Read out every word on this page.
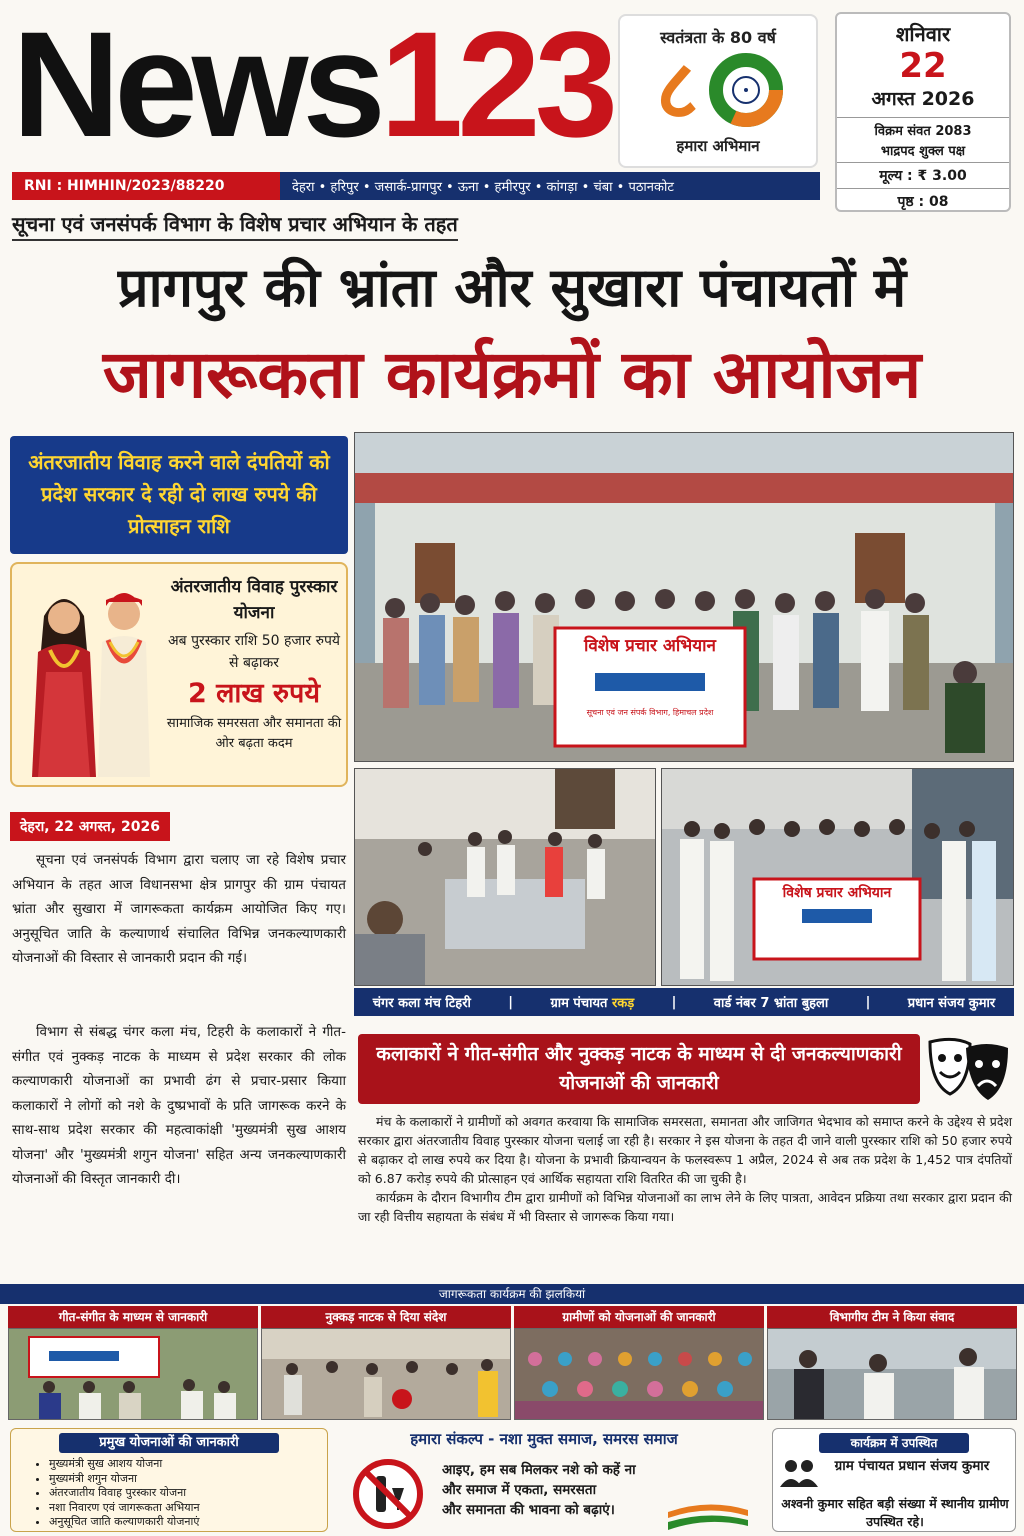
News123	स्वतंत्रता के 80 वर्ष
८
हमारा अभिमान
शनिवार
22
अगस्त 2026
विक्रम संवत 2083
भाद्रपद शुक्ल पक्ष
मूल्य : ₹ 3.00
पृष्ठ : 08
RNI : HIMHIN/2023/88220	देहरा • हरिपुर • जसार्क-प्रागपुर • ऊना • हमीरपुर • कांगड़ा • चंबा • पठानकोट
सूचना एवं जनसंपर्क विभाग के विशेष प्रचार अभियान के तहत
प्रागपुर की भ्रांता और सुखारा पंचायतों में
जागरूकता कार्यक्रमों का आयोजन
अंतरजातीय विवाह करने वाले दंपतियों को प्रदेश सरकार दे रही दो लाख रुपये की प्रोत्साहन राशि
अंतरजातीय विवाह पुरस्कार योजना
अब पुरस्कार राशि 50 हजार रुपये से बढ़ाकर
2 लाख रुपये
सामाजिक समरसता और समानता की ओर बढ़ता कदम
देहरा, 22 अगस्त, 2026

सूचना एवं जनसंपर्क विभाग द्वारा चलाए जा रहे विशेष प्रचार अभियान के तहत आज विधानसभा क्षेत्र प्रागपुर की ग्राम पंचायत भ्रांता और सुखारा में जागरूकता कार्यक्रम आयोजित किए गए। अनुसूचित जाति के कल्याणार्थ संचालित विभिन्न जनकल्याणकारी योजनाओं की विस्तार से जानकारी प्रदान की गई।

विभाग से संबद्ध चंगर कला मंच, टिहरी के कलाकारों ने गीत-संगीत एवं नुक्कड़ नाटक के माध्यम से प्रदेश सरकार की लोक कल्याणकारी योजनाओं का प्रभावी ढंग से प्रचार-प्रसार कियाा कलाकारों ने लोगों को नशे के दुष्प्रभावों के प्रति जागरूक करने के साथ-साथ प्रदेश सरकार की महत्वाकांक्षी 'मुख्यमंत्री सुख आशय योजना' और 'मुख्यमंत्री शगुन योजना' सहित अन्य जनकल्याणकारी योजनाओं की विस्तृत जानकारी दी।

विशेष प्रचार अभियान
सूचना एवं जन संपर्क विभाग, हिमाचल प्रदेश
विशेष प्रचार अभियान
चंगर कला मंच टिहरी	|	ग्राम पंचायत रकड़	|	वार्ड नंबर 7 भ्रांता बुहला	|	प्रधान संजय कुमार
कलाकारों ने गीत-संगीत और नुक्कड़ नाटक के माध्यम से दी जनकल्याणकारी योजनाओं की जानकारी

मंच के कलाकारों ने ग्रामीणों को अवगत करवाया कि सामाजिक समरसता, समानता और जाजिगत भेदभाव को समाप्त करने के उद्देश्य से प्रदेश सरकार द्वारा अंतरजातीय विवाह पुरस्कार योजना चलाई जा रही है। सरकार ने इस योजना के तहत दी जाने वाली पुरस्कार राशि को 50 हजार रुपये से बढ़ाकर दो लाख रुपये कर दिया है। योजना के प्रभावी क्रियान्वयन के फलस्वरूप 1 अप्रैल, 2024 से अब तक प्रदेश के 1,452 पात्र दंपतियों को 6.87 करोड़ रुपये की प्रोत्साहन एवं आर्थिक सहायता राशि वितरित की जा चुकी है।

कार्यक्रम के दौरान विभागीय टीम द्वारा ग्रामीणों को विभिन्न योजनाओं का लाभ लेने के लिए पात्रता, आवेदन प्रक्रिया तथा सरकार द्वारा प्रदान की जा रही वित्तीय सहायता के संबंध में भी विस्तार से जागरूक किया गया।

जागरूकता कार्यक्रम की झलकियां
गीत-संगीत के माध्यम से जानकारी	नुक्कड़ नाटक से दिया संदेश	ग्रामीणों को योजनाओं की जानकारी	विभागीय टीम ने किया संवाद
प्रमुख योजनाओं की जानकारी
• मुख्यमंत्री सुख आशय योजना
• मुख्यमंत्री शगुन योजना
• अंतरजातीय विवाह पुरस्कार योजना
• नशा निवारण एवं जागरूकता अभियान
• अनुसूचित जाति कल्याणकारी योजनाएं
हमारा संकल्प - नशा मुक्त समाज, समरस समाज
आइए, हम सब मिलकर नशे को कहें ना
और समाज में एकता, समरसता
और समानता की भावना को बढ़ाएं।
कार्यक्रम में उपस्थित
ग्राम पंचायत प्रधान संजय कुमार
अश्वनी कुमार सहित बड़ी संख्या में स्थानीय ग्रामीण उपस्थित रहे।
